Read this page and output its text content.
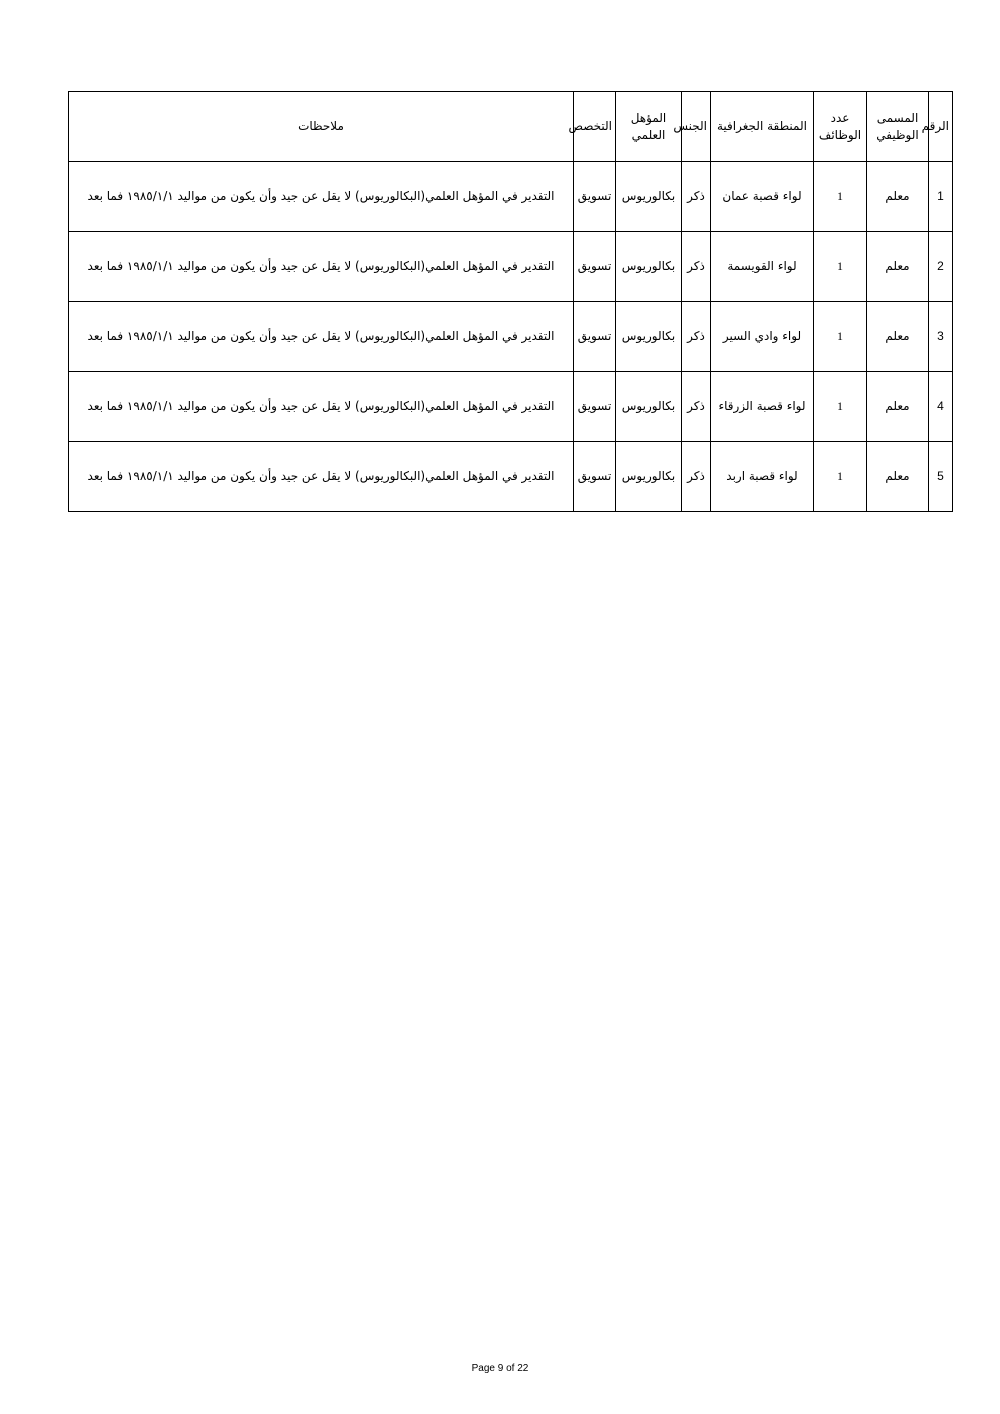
الرقم	المسمى الوظيفي	عدد الوظائف	المنطقة الجغرافية	الجنس	المؤهل العلمي	التخصص	ملاحظات
1	معلم	1	لواء قصبة عمان	ذكر	بكالوريوس	تسويق	التقدير في المؤهل العلمي(البكالوريوس) لا يقل عن جيد وأن يكون من مواليد ١٩٨٥/١/١ فما بعد
2	معلم	1	لواء القويسمة	ذكر	بكالوريوس	تسويق	التقدير في المؤهل العلمي(البكالوريوس) لا يقل عن جيد وأن يكون من مواليد ١٩٨٥/١/١ فما بعد
3	معلم	1	لواء وادي السير	ذكر	بكالوريوس	تسويق	التقدير في المؤهل العلمي(البكالوريوس) لا يقل عن جيد وأن يكون من مواليد ١٩٨٥/١/١ فما بعد
4	معلم	1	لواء قصبة الزرقاء	ذكر	بكالوريوس	تسويق	التقدير في المؤهل العلمي(البكالوريوس) لا يقل عن جيد وأن يكون من مواليد ١٩٨٥/١/١ فما بعد
5	معلم	1	لواء قصبة اربد	ذكر	بكالوريوس	تسويق	التقدير في المؤهل العلمي(البكالوريوس) لا يقل عن جيد وأن يكون من مواليد ١٩٨٥/١/١ فما بعد
Page 9 of 22
